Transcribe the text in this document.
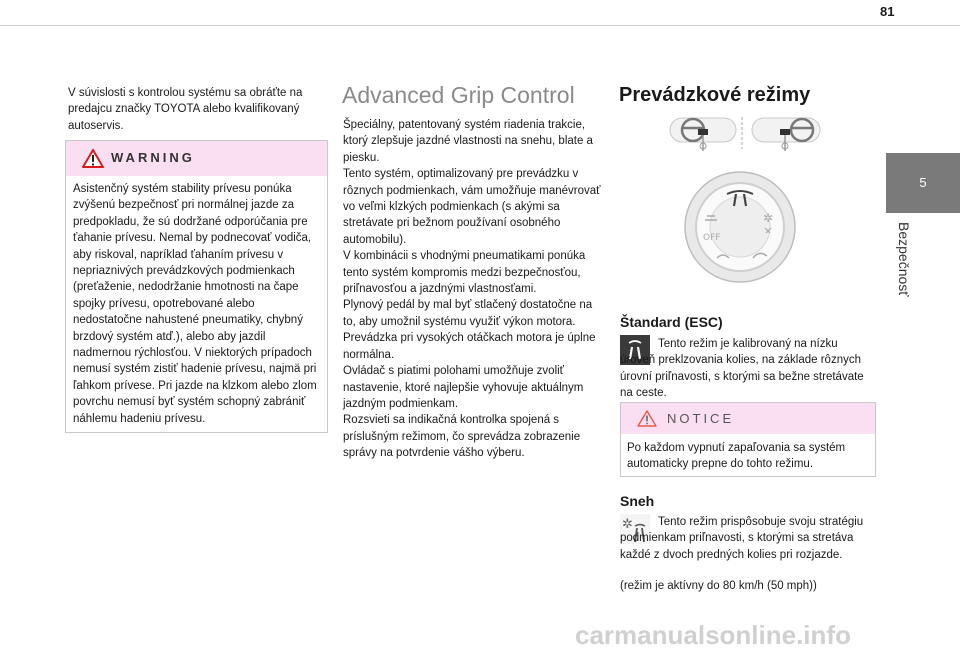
81
5
Bezpečnosť

V súvislosti s kontrolou systému sa obráťte na predajcu značky TOYOTA alebo kvalifikovaný autoservis.

WARNING

Asistenčný systém stability prívesu ponúka zvýšenú bezpečnosť pri normálnej jazde za predpokladu, že sú dodržané odporúčania pre ťahanie prívesu. Nemal by podnecovať vodiča, aby riskoval, napríklad ťahaním prívesu v nepriaznivých prevádzkových podmienkach (preťaženie, nedodržanie hmotnosti na čape spojky prívesu, opotrebované alebo nedostatočne nahustené pneumatiky, chybný brzdový systém atď.), alebo aby jazdil nadmernou rýchlosťou. V niektorých prípadoch nemusí systém zistiť hadenie prívesu, najmä pri ľahkom prívese. Pri jazde na klzkom alebo zlom povrchu nemusí byť systém schopný zabrániť náhlemu hadeniu prívesu.

Advanced Grip Control

Špeciálny, patentovaný systém riadenia trakcie, ktorý zlepšuje jazdné vlastnosti na snehu, blate a piesku.

Tento systém, optimalizovaný pre prevádzku v rôznych podmienkach, vám umožňuje manévrovať vo veľmi klzkých podmienkach (s akými sa stretávate pri bežnom používaní osobného automobilu).

V kombinácii s vhodnými pneumatikami ponúka tento systém kompromis medzi bezpečnosťou, priľnavosťou a jazdnými vlastnosťami.

Plynový pedál by mal byť stlačený dostatočne na to, aby umožnil systému využiť výkon motora. Prevádzka pri vysokých otáčkach motora je úplne normálna.

Ovládač s piatimi polohami umožňuje zvoliť nastavenie, ktoré najlepšie vyhovuje aktuálnym jazdným podmienkam.

Rozsvieti sa indikačná kontrolka spojená s príslušným režimom, čo sprevádza zobrazenie správy na potvrdenie vášho výberu.

Prevádzkové režimy
OFF
✲
Štandard (ESC)

Tento režim je kalibrovaný na nízku úroveň preklzovania kolies, na základe rôznych úrovní priľnavosti, s ktorými sa bežne stretávate na ceste.

NOTICE

Po každom vypnutí zapaľovania sa systém automaticky prepne do tohto režimu.

Sneh
✲	Tento režim prispôsobuje svoju stratégiu podmienkam priľnavosti, s ktorými sa stretáva každé z dvoch predných kolies pri rozjazde.

(režim je aktívny do 80 km/h (50 mph))

carmanualsonline.info
